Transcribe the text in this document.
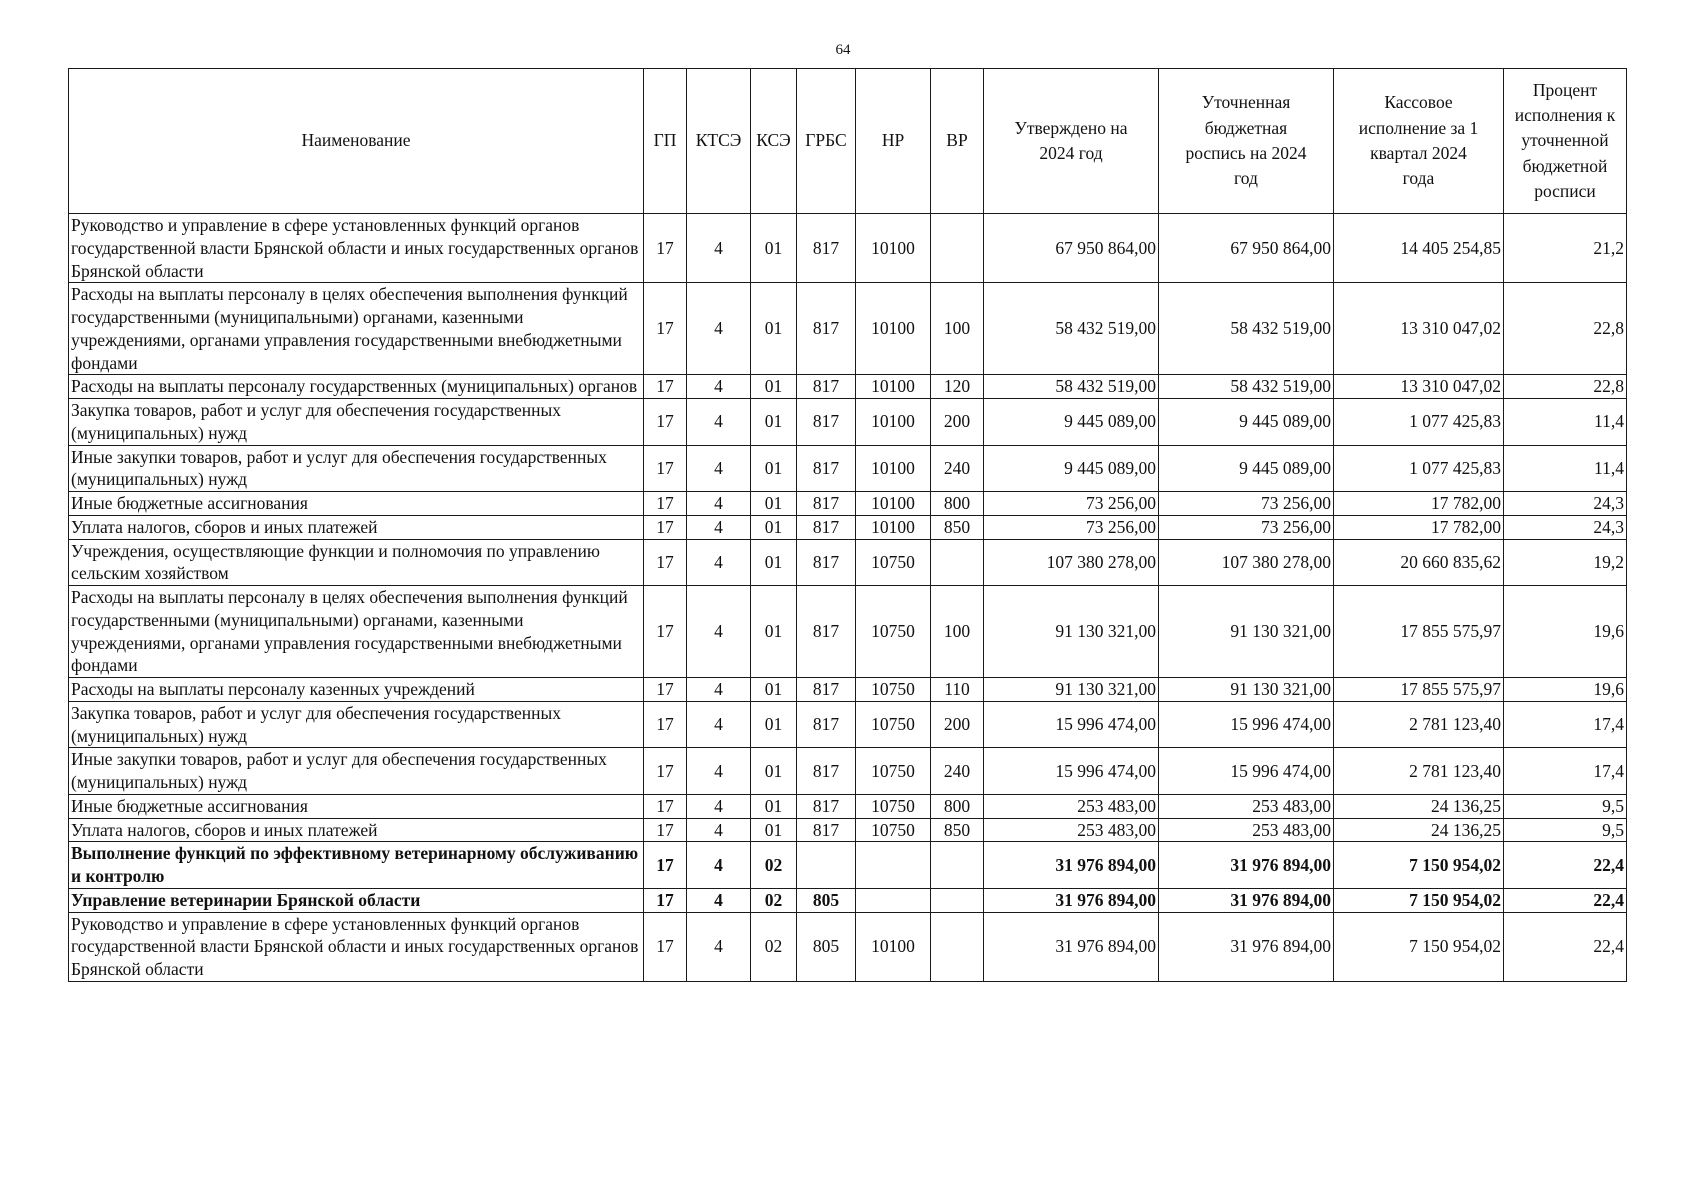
64
Наименование	ГП	КТСЭ	КСЭ	ГРБС	НР	ВР	Утверждено на 2024 год	Уточненная бюджетная роспись на 2024 год	Кассовое исполнение за 1 квартал 2024 года	Процент исполнения к уточненной бюджетной росписи
Руководство и управление в сфере установленных функций органов государственной власти Брянской области и иных государственных органов Брянской области	17	4	01	817	10100		67 950 864,00	67 950 864,00	14 405 254,85	21,2
Расходы на выплаты персоналу в целях обеспечения выполнения функций государственными (муниципальными) органами, казенными учреждениями, органами управления государственными внебюджетными фондами	17	4	01	817	10100	100	58 432 519,00	58 432 519,00	13 310 047,02	22,8
Расходы на выплаты персоналу государственных (муниципальных) органов	17	4	01	817	10100	120	58 432 519,00	58 432 519,00	13 310 047,02	22,8
Закупка товаров, работ и услуг для обеспечения государственных (муниципальных) нужд	17	4	01	817	10100	200	9 445 089,00	9 445 089,00	1 077 425,83	11,4
Иные закупки товаров, работ и услуг для обеспечения государственных (муниципальных) нужд	17	4	01	817	10100	240	9 445 089,00	9 445 089,00	1 077 425,83	11,4
Иные бюджетные ассигнования	17	4	01	817	10100	800	73 256,00	73 256,00	17 782,00	24,3
Уплата налогов, сборов и иных платежей	17	4	01	817	10100	850	73 256,00	73 256,00	17 782,00	24,3
Учреждения, осуществляющие функции и полномочия по управлению сельским хозяйством	17	4	01	817	10750		107 380 278,00	107 380 278,00	20 660 835,62	19,2
Расходы на выплаты персоналу в целях обеспечения выполнения функций государственными (муниципальными) органами, казенными учреждениями, органами управления государственными внебюджетными фондами	17	4	01	817	10750	100	91 130 321,00	91 130 321,00	17 855 575,97	19,6
Расходы на выплаты персоналу казенных учреждений	17	4	01	817	10750	110	91 130 321,00	91 130 321,00	17 855 575,97	19,6
Закупка товаров, работ и услуг для обеспечения государственных (муниципальных) нужд	17	4	01	817	10750	200	15 996 474,00	15 996 474,00	2 781 123,40	17,4
Иные закупки товаров, работ и услуг для обеспечения государственных (муниципальных) нужд	17	4	01	817	10750	240	15 996 474,00	15 996 474,00	2 781 123,40	17,4
Иные бюджетные ассигнования	17	4	01	817	10750	800	253 483,00	253 483,00	24 136,25	9,5
Уплата налогов, сборов и иных платежей	17	4	01	817	10750	850	253 483,00	253 483,00	24 136,25	9,5
Выполнение функций по эффективному ветеринарному обслуживанию и контролю	17	4	02				31 976 894,00	31 976 894,00	7 150 954,02	22,4
Управление ветеринарии Брянской области	17	4	02	805			31 976 894,00	31 976 894,00	7 150 954,02	22,4
Руководство и управление в сфере установленных функций органов государственной власти Брянской области и иных государственных органов Брянской области	17	4	02	805	10100		31 976 894,00	31 976 894,00	7 150 954,02	22,4
